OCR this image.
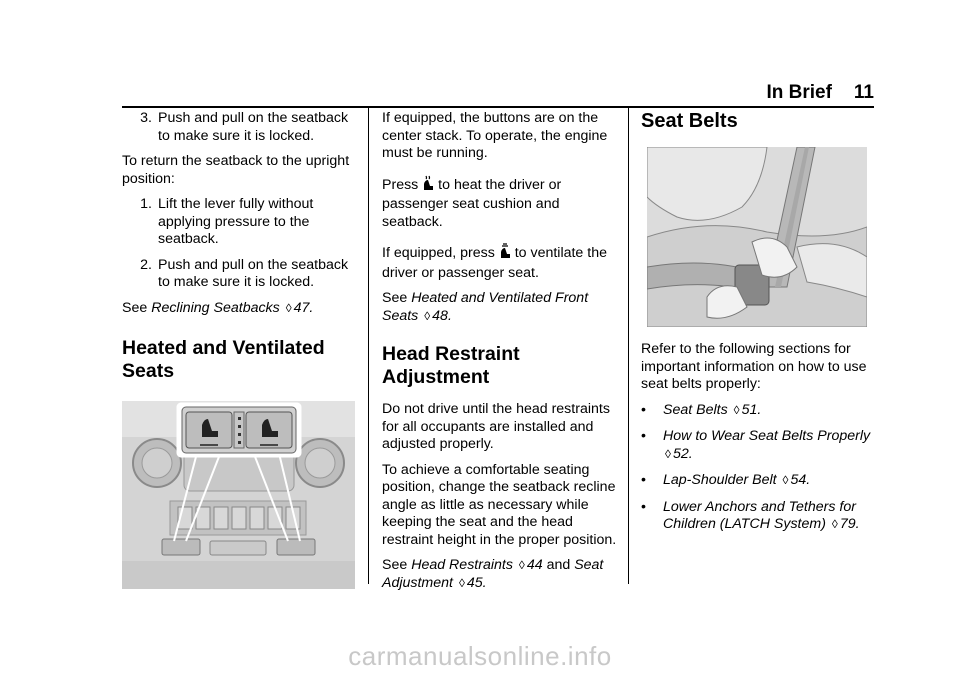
In Brief 11
3. Push and pull on the seatback to make sure it is locked.

To return the seatback to the upright position:

1. Lift the lever fully without applying pressure to the seatback.
2. Push and pull on the seatback to make sure it is locked.

See Reclining Seatbacks ◊ 47.

Heated and Ventilated Seats

If equipped, the buttons are on the center stack. To operate, the engine must be running.

Press to heat the driver or passenger seat cushion and seatback.

If equipped, press to ventilate the driver or passenger seat.

See Heated and Ventilated Front Seats ◊ 48.

Head Restraint Adjustment

Do not drive until the head restraints for all occupants are installed and adjusted properly.

To achieve a comfortable seating position, change the seatback recline angle as little as necessary while keeping the seat and the head restraint height in the proper position.

See Head Restraints ◊ 44 and Seat Adjustment ◊ 45.

Seat Belts

Refer to the following sections for important information on how to use seat belts properly:

•	Seat Belts ◊ 51.
•	How to Wear Seat Belts Properly ◊ 52.
•	Lap-Shoulder Belt ◊ 54.
•	Lower Anchors and Tethers for Children (LATCH System) ◊ 79.
carmanualsonline.info
